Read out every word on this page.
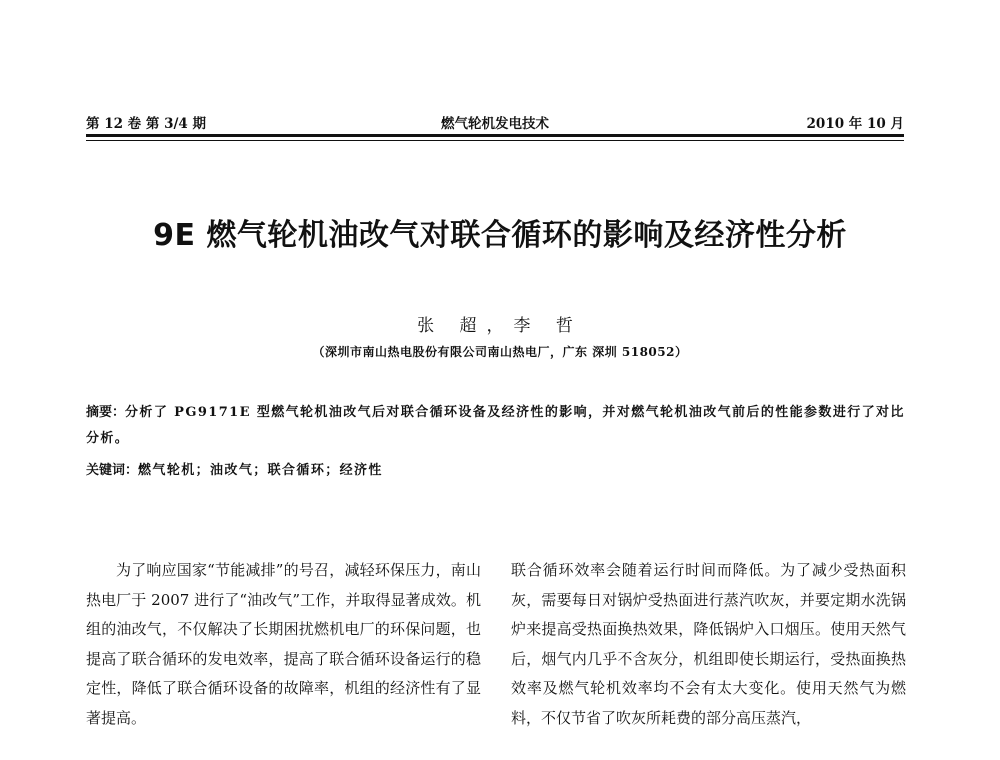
第 12 卷 第 3/4 期	燃气轮机发电技术	2010 年 10 月
9E 燃气轮机油改气对联合循环的影响及经济性分析
张 超，李 哲
（深圳市南山热电股份有限公司南山热电厂，广东 深圳 518052）
摘要：分析了 PG9171E 型燃气轮机油改气后对联合循环设备及经济性的影响，并对燃气轮机油改气前后的性能参数进行了对比分析。
关键词：燃气轮机；油改气；联合循环；经济性

为了响应国家“节能减排”的号召，减轻环保压力，南山热电厂于 2007 进行了“油改气”工作，并取得显著成效。机组的油改气，不仅解决了长期困扰燃机电厂的环保问题，也提高了联合循环的发电效率，提高了联合循环设备运行的稳定性，降低了联合循环设备的故障率，机组的经济性有了显著提高。

联合循环效率会随着运行时间而降低。为了减少受热面积灰，需要每日对锅炉受热面进行蒸汽吹灰，并要定期水洗锅炉来提高受热面换热效果，降低锅炉入口烟压。使用天然气后，烟气内几乎不含灰分，机组即使长期运行，受热面换热效率及燃气轮机效率均不会有太大变化。使用天然气为燃料，不仅节省了吹灰所耗费的部分高压蒸汽，
